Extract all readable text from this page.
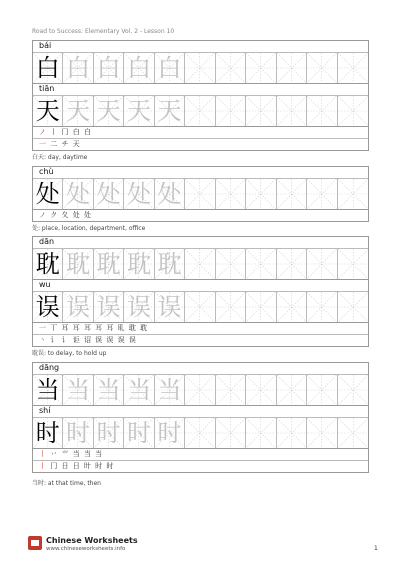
Road to Success: Elementary Vol. 2 - Lesson 10
bái
白 白 白 白 白
tiān
天 天 天 天 天
ノ 丨 冂 白 白
一 二 チ 天
白天: day, daytime
chù
处 处 处 处 处
ノ ク 夂 处 处
处: place, location, department, office
dān
耽 耽 耽 耽 耽
wu
误 误 误 误 误
一 丅 耳 耳 耳 耳 耳 耴 耽 耽
丶 讠 讠 讵 诏 误 误 误 误
耽误: to delay, to hold up
dāng
当 当 当 当 当
shí
时 时 时 时 时
丨 丷 ⺌ 当 当 当
丨 冂 日 日 旪 时 时
当时: at that time, then
Chinese Worksheets
www.chineseworksheets.info	1
